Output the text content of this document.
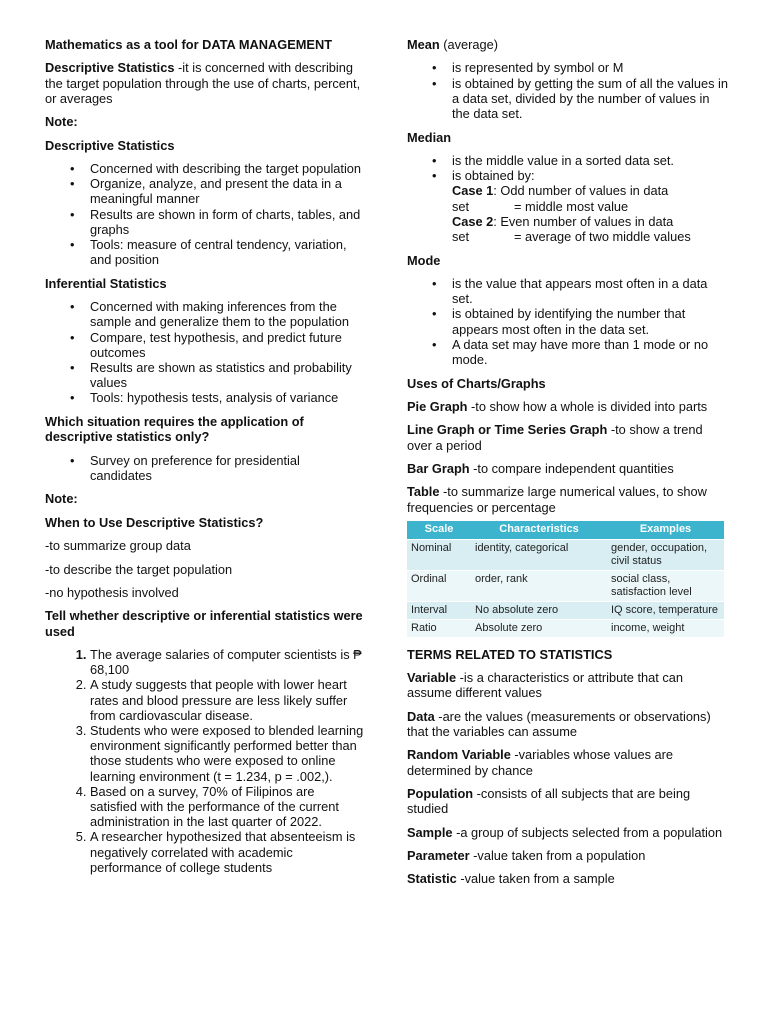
Mathematics as a tool for DATA MANAGEMENT

Descriptive Statistics -it is concerned with describing the target population through the use of charts, percent, or averages

Note:

Descriptive Statistics

• Concerned with describing the target population
• Organize, analyze, and present the data in a meaningful manner
• Results are shown in form of charts, tables, and graphs
• Tools: measure of central tendency, variation, and position

Inferential Statistics

• Concerned with making inferences from the sample and generalize them to the population
• Compare, test hypothesis, and predict future outcomes
• Results are shown as statistics and probability values
• Tools: hypothesis tests, analysis of variance

Which situation requires the application of descriptive statistics only?

• Survey on preference for presidential candidates

Note:

When to Use Descriptive Statistics?

-to summarize group data

-to describe the target population

-no hypothesis involved

Tell whether descriptive or inferential statistics were used

1. The average salaries of computer scientists is ₱ 68,100
2. A study suggests that people with lower heart rates and blood pressure are less likely suffer from cardiovascular disease.
3. Students who were exposed to blended learning environment significantly performed better than those students who were exposed to online learning environment (t = 1.234, p = .002,).
4. Based on a survey, 70% of Filipinos are satisfied with the performance of the current administration in the last quarter of 2022.
5. A researcher hypothesized that absenteeism is negatively correlated with academic performance of college students

Mean (average)

• is represented by symbol or M
• is obtained by getting the sum of all the values in a data set, divided by the number of values in the data set.

Median

• is the middle value in a sorted data set.
• is obtained by:
Case 1: Odd number of values in data
set	= middle most value
Case 2: Even number of values in data
set	= average of two middle values

Mode

• is the value that appears most often in a data set.
• is obtained by identifying the number that appears most often in the data set.
• A data set may have more than 1 mode or no mode.

Uses of Charts/Graphs

Pie Graph -to show how a whole is divided into parts

Line Graph or Time Series Graph -to show a trend over a period

Bar Graph -to compare independent quantities

Table -to summarize large numerical values, to show frequencies or percentage

Scale	Characteristics	Examples
Nominal	identity, categorical	gender, occupation, civil status
Ordinal	order, rank	social class, satisfaction level
Interval	No absolute zero	IQ score, temperature
Ratio	Absolute zero	income, weight

TERMS RELATED TO STATISTICS

Variable -is a characteristics or attribute that can assume different values

Data -are the values (measurements or observations) that the variables can assume

Random Variable -variables whose values are determined by chance

Population -consists of all subjects that are being studied

Sample -a group of subjects selected from a population

Parameter -value taken from a population

Statistic -value taken from a sample
